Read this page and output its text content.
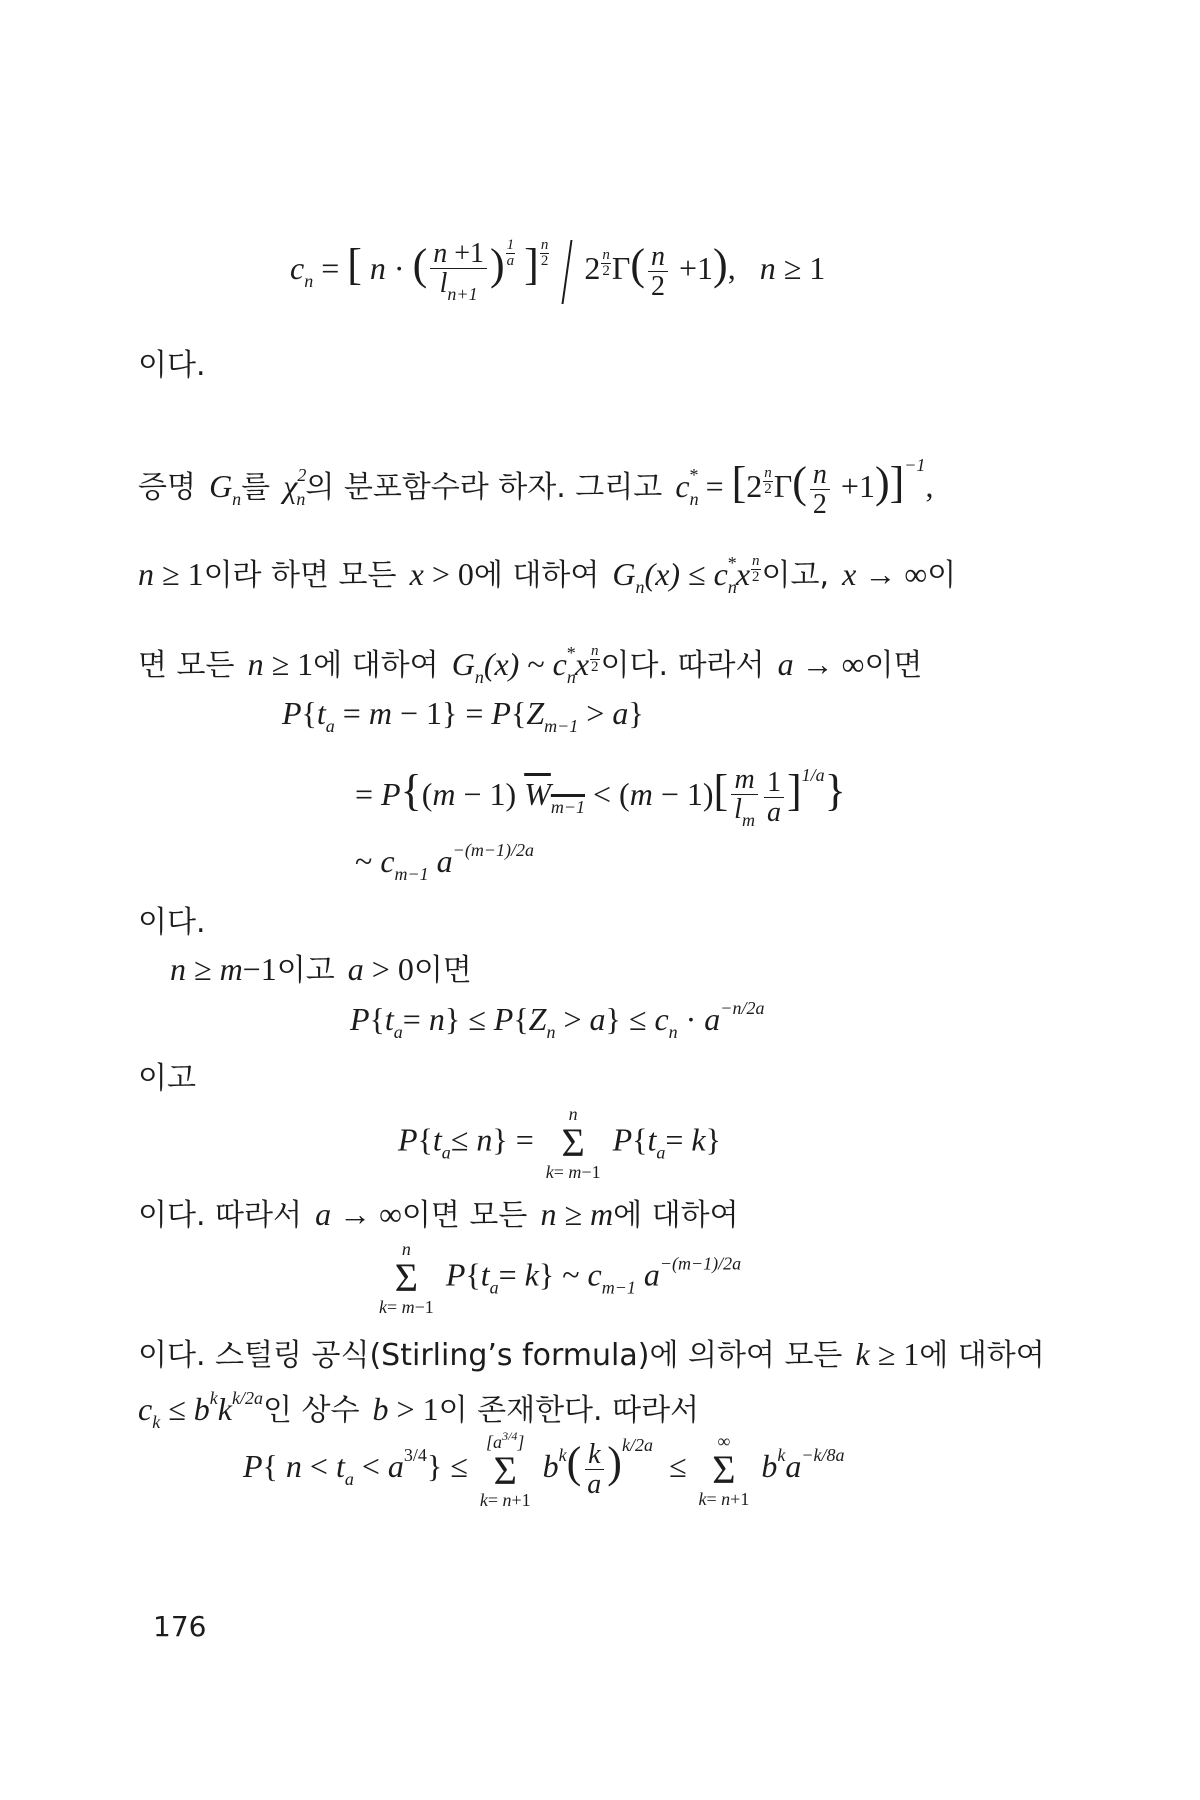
$c_n$ = [ n · ( $\frac{n +1}{l_{n+1}}$ ) $\frac{1}{a}$ ] $\frac{n}{2} 2 \frac{n}{2} \Gamma( \frac{n}{2} +1)$,   n ≥ 1
이다.
증명  $G_n$를  $\chi^2_n$의 분포함수라 하자. 그리고  $c_n^* = [2 \frac{n}{2} \Gamma( \frac{n}{2} +1)]^{-1}$,
n ≥ 1이라 하면 모든  x > 0에 대하여  $G_n(x) \le c_n^*x \frac{n}{2}$ 이고,  x → ∞이
면 모든  n ≥ 1에 대하여  $G_n(x)$ ~ $c_n^*x \frac{n}{2}$ 이다. 따라서  a → ∞이면
$P\{t_a = m - 1\} = P\{Z_{m-1} > a\}$
= P{(m − 1) $W_{m-1} < (m - 1)[ \frac{m}{l_m} \frac{1}{a} ]^{1/a}$}
~ $c_{m-1}$ $a^{-(m-1)/2a}$
이다.
n ≥ m−1이고  a > 0이면
$P\{t_a= n\} \le P\{Z_n > a\} \le c_n \cdot a^{-n/2a}$
이고
$P\{t_a\le n\}$ =
n
Σ
k= m−1
$P\{t_a= k\}$
이다. 따라서  a → ∞이면 모든  n ≥ m에 대하여
n
Σ
k= m−1
$P\{t_a= k\}$ ~ $c_{m-1}$ $a^{-(m-1)/2a}$
이다. 스털링 공식(Stirling’s formula)에 의하여 모든  k ≥ 1에 대하여
$c_k \le b^kk^{k/2a}$인 상수  b > 1이 존재한다. 따라서
P{ $n < t_a < a^{3/4}$} ≤
$[a^{3/4}]$
Σ
k= n+1
$b^k( \frac{k}{a} )^{k/2a}$  ≤
∞
Σ
k= n+1
$b^ka^{-k/8a}$
176
